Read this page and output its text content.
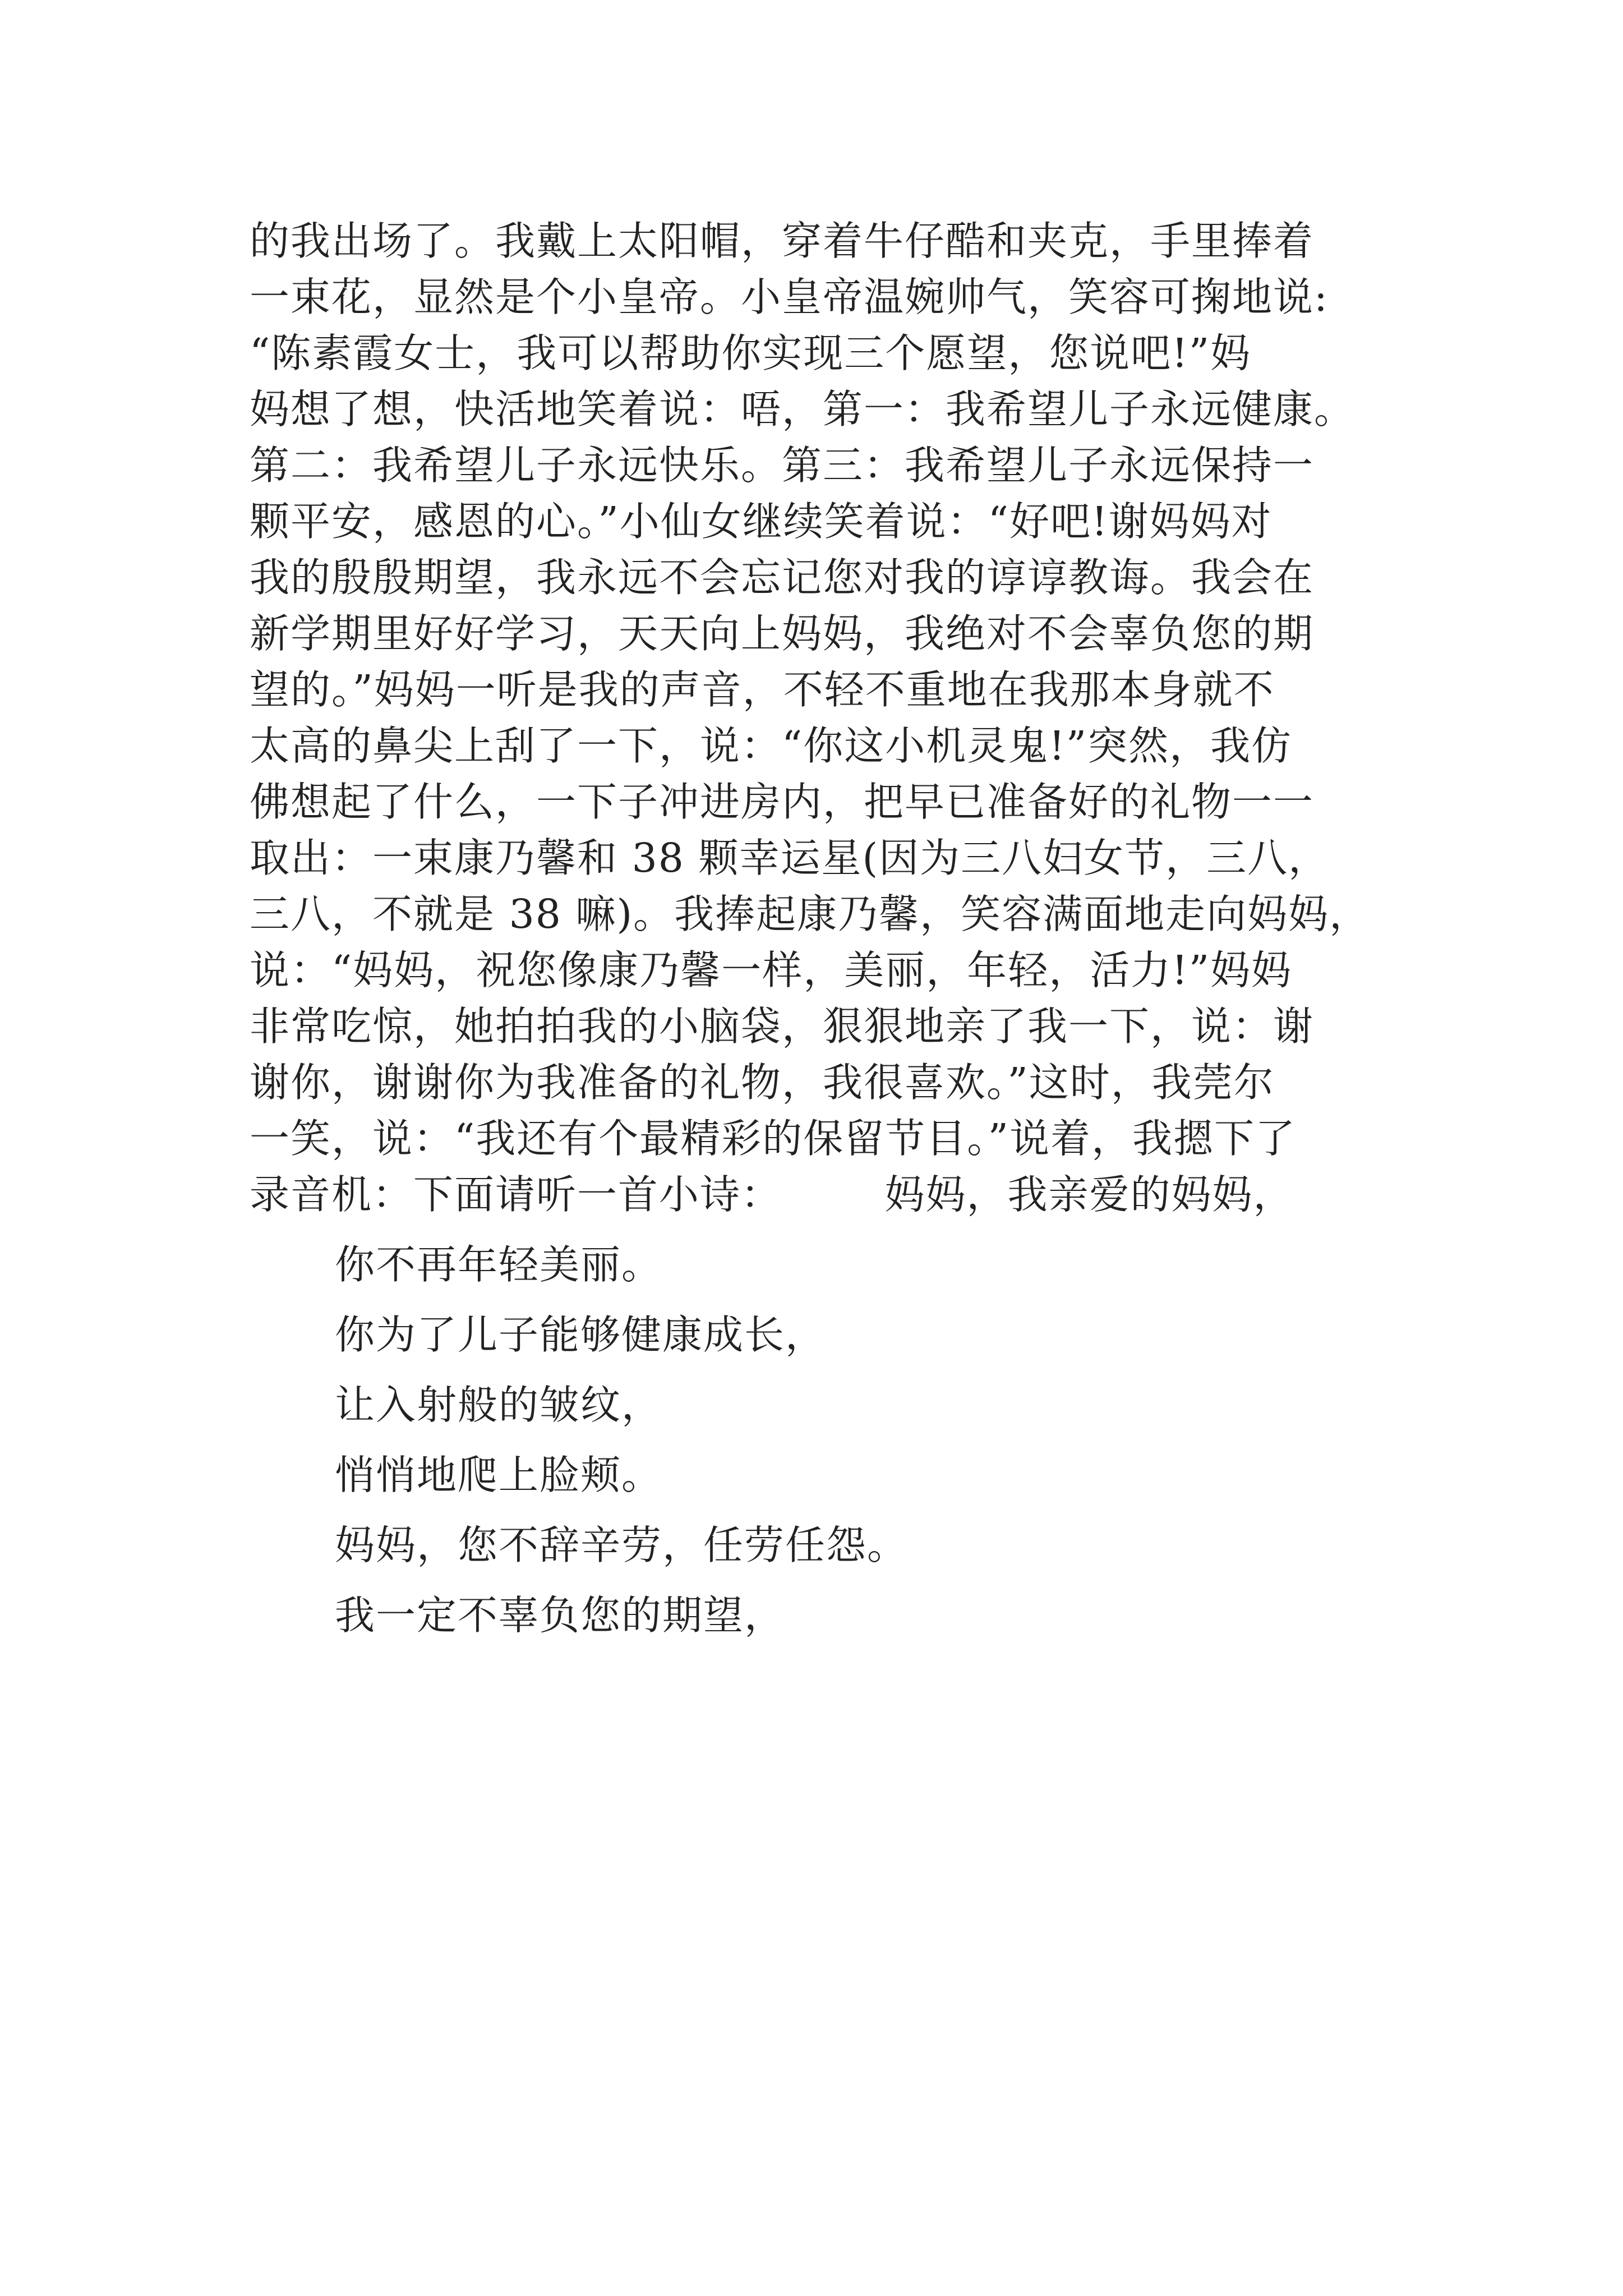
的我出场了。我戴上太阳帽，穿着牛仔酷和夹克，手里捧着

一束花，显然是个小皇帝。小皇帝温婉帅气，笑容可掬地说:

“陈素霞女士，我可以帮助你实现三个愿望，您说吧!”妈

妈想了想，快活地笑着说：唔，第一：我希望儿子永远健康。

第二：我希望儿子永远快乐。第三：我希望儿子永远保持一

颗平安，感恩的心。”小仙女继续笑着说：“好吧!谢妈妈对

我的殷殷期望，我永远不会忘记您对我的谆谆教诲。我会在

新学期里好好学习，天天向上妈妈，我绝对不会辜负您的期

望的。”妈妈一听是我的声音，不轻不重地在我那本身就不

太高的鼻尖上刮了一下，说：“你这小机灵鬼!”突然，我仿

佛想起了什么，一下子冲进房内，把早已准备好的礼物一一

取出：一束康乃馨和 38 颗幸运星(因为三八妇女节，三八，

三八，不就是 38 嘛)。我捧起康乃馨，笑容满面地走向妈妈，

说：“妈妈，祝您像康乃馨一样，美丽，年轻，活力!”妈妈

非常吃惊，她拍拍我的小脑袋，狠狠地亲了我一下，说：谢

谢你，谢谢你为我准备的礼物，我很喜欢。”这时，我莞尔

一笑，说：“我还有个最精彩的保留节目。”说着，我摁下了

录音机：下面请听一首小诗：　　　妈妈，我亲爱的妈妈，

你不再年轻美丽。

你为了儿子能够健康成长，

让入射般的皱纹，

悄悄地爬上脸颊。

妈妈，您不辞辛劳，任劳任怨。

我一定不辜负您的期望，
